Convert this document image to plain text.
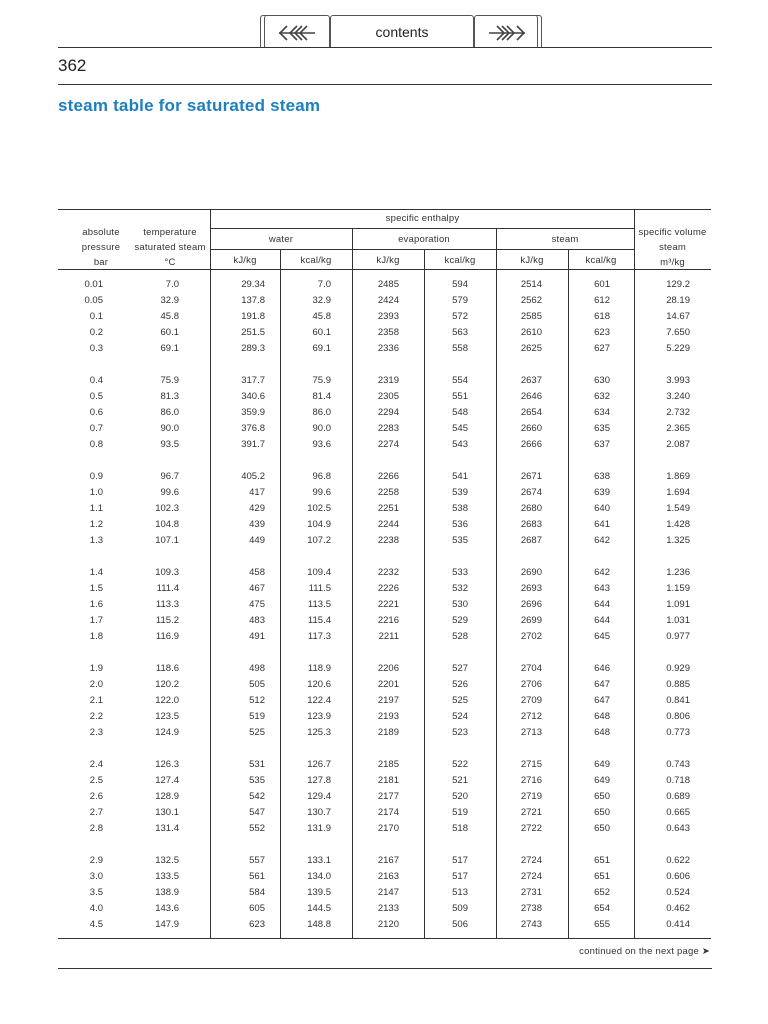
contents
362
steam table for saturated steam
absolute
pressure
bar
temperature
saturated steam
°C
specific enthalpy
water	evaporation	steam
specific volume
steam
m³/kg
kJ/kg	kcal/kg	kJ/kg	kcal/kg	kJ/kg	kcal/kg
0.01	7.0	29.34	7.0	2485	594	2514	601	129.2
0.05	32.9	137.8	32.9	2424	579	2562	612	28.19
0.1	45.8	191.8	45.8	2393	572	2585	618	14.67
0.2	60.1	251.5	60.1	2358	563	2610	623	7.650
0.3	69.1	289.3	69.1	2336	558	2625	627	5.229
0.4	75.9	317.7	75.9	2319	554	2637	630	3.993
0.5	81.3	340.6	81.4	2305	551	2646	632	3.240
0.6	86.0	359.9	86.0	2294	548	2654	634	2.732
0.7	90.0	376.8	90.0	2283	545	2660	635	2.365
0.8	93.5	391.7	93.6	2274	543	2666	637	2.087
0.9	96.7	405.2	96.8	2266	541	2671	638	1.869
1.0	99.6	417	99.6	2258	539	2674	639	1.694
1.1	102.3	429	102.5	2251	538	2680	640	1.549
1.2	104.8	439	104.9	2244	536	2683	641	1.428
1.3	107.1	449	107.2	2238	535	2687	642	1.325
1.4	109.3	458	109.4	2232	533	2690	642	1.236
1.5	111.4	467	111.5	2226	532	2693	643	1.159
1.6	113.3	475	113.5	2221	530	2696	644	1.091
1.7	115.2	483	115.4	2216	529	2699	644	1.031
1.8	116.9	491	117.3	2211	528	2702	645	0.977
1.9	118.6	498	118.9	2206	527	2704	646	0.929
2.0	120.2	505	120.6	2201	526	2706	647	0.885
2.1	122.0	512	122.4	2197	525	2709	647	0.841
2.2	123.5	519	123.9	2193	524	2712	648	0.806
2.3	124.9	525	125.3	2189	523	2713	648	0.773
2.4	126.3	531	126.7	2185	522	2715	649	0.743
2.5	127.4	535	127.8	2181	521	2716	649	0.718
2.6	128.9	542	129.4	2177	520	2719	650	0.689
2.7	130.1	547	130.7	2174	519	2721	650	0.665
2.8	131.4	552	131.9	2170	518	2722	650	0.643
2.9	132.5	557	133.1	2167	517	2724	651	0.622
3.0	133.5	561	134.0	2163	517	2724	651	0.606
3.5	138.9	584	139.5	2147	513	2731	652	0.524
4.0	143.6	605	144.5	2133	509	2738	654	0.462
4.5	147.9	623	148.8	2120	506	2743	655	0.414
continued on the next page ➤
